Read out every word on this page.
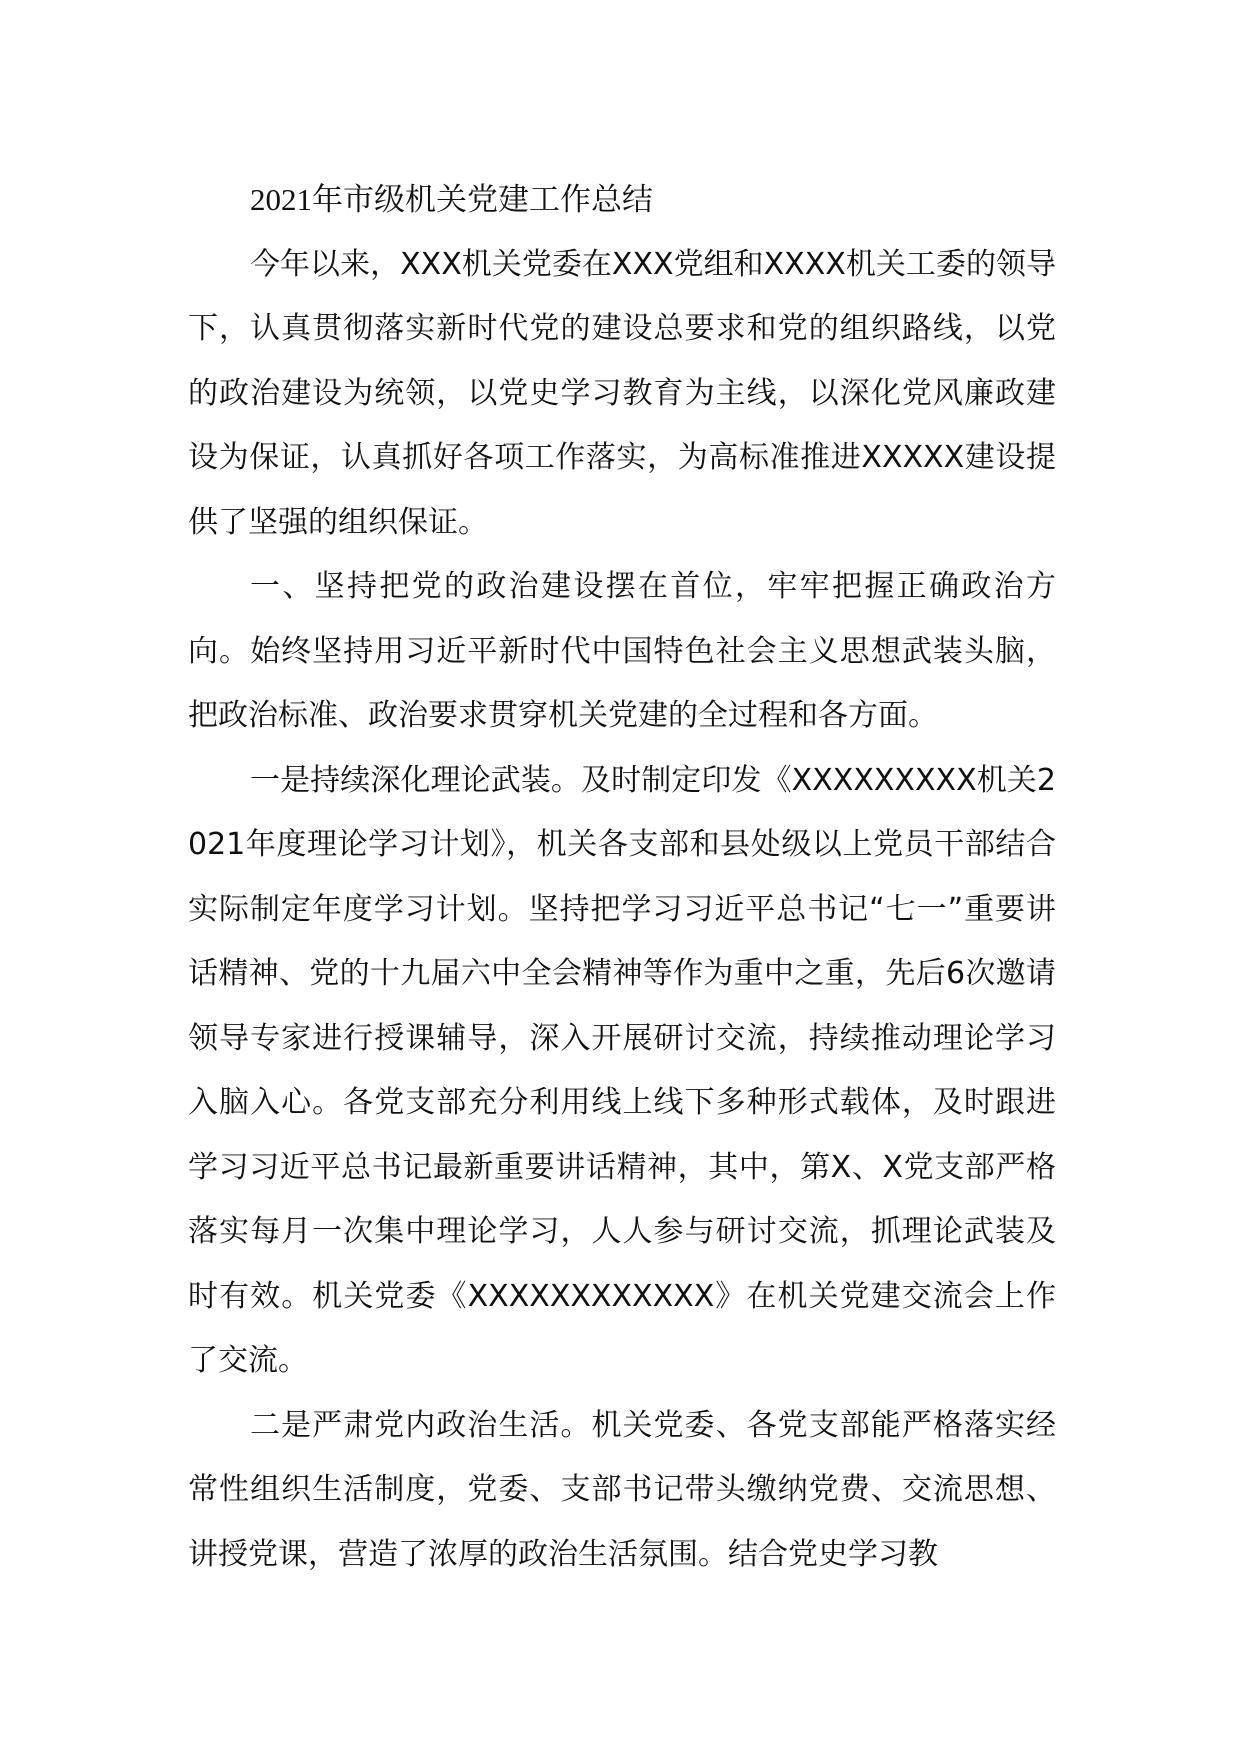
2021年市级机关党建工作总结

今年以来，XXX机关党委在XXX党组和XXXX机关工委的领导下，认真贯彻落实新时代党的建设总要求和党的组织路线，以党的政治建设为统领，以党史学习教育为主线，以深化党风廉政建设为保证，认真抓好各项工作落实，为高标准推进XXXXX建设提供了坚强的组织保证。

一、坚持把党的政治建设摆在首位，牢牢把握正确政治方向。始终坚持用习近平新时代中国特色社会主义思想武装头脑，把政治标准、政治要求贯穿机关党建的全过程和各方面。

一是持续深化理论武装。及时制定印发《XXXXXXXXX机关2021年度理论学习计划》，机关各支部和县处级以上党员干部结合实际制定年度学习计划。坚持把学习习近平总书记“七一”重要讲话精神、党的十九届六中全会精神等作为重中之重，先后6次邀请领导专家进行授课辅导，深入开展研讨交流，持续推动理论学习入脑入心。各党支部充分利用线上线下多种形式载体，及时跟进学习习近平总书记最新重要讲话精神，其中，第X、X党支部严格落实每月一次集中理论学习，人人参与研讨交流，抓理论武装及时有效。机关党委《XXXXXXXXXXXX》在机关党建交流会上作了交流。

二是严肃党内政治生活。机关党委、各党支部能严格落实经常性组织生活制度，党委、支部书记带头缴纳党费、交流思想、讲授党课，营造了浓厚的政治生活氛围。结合党史学习教
